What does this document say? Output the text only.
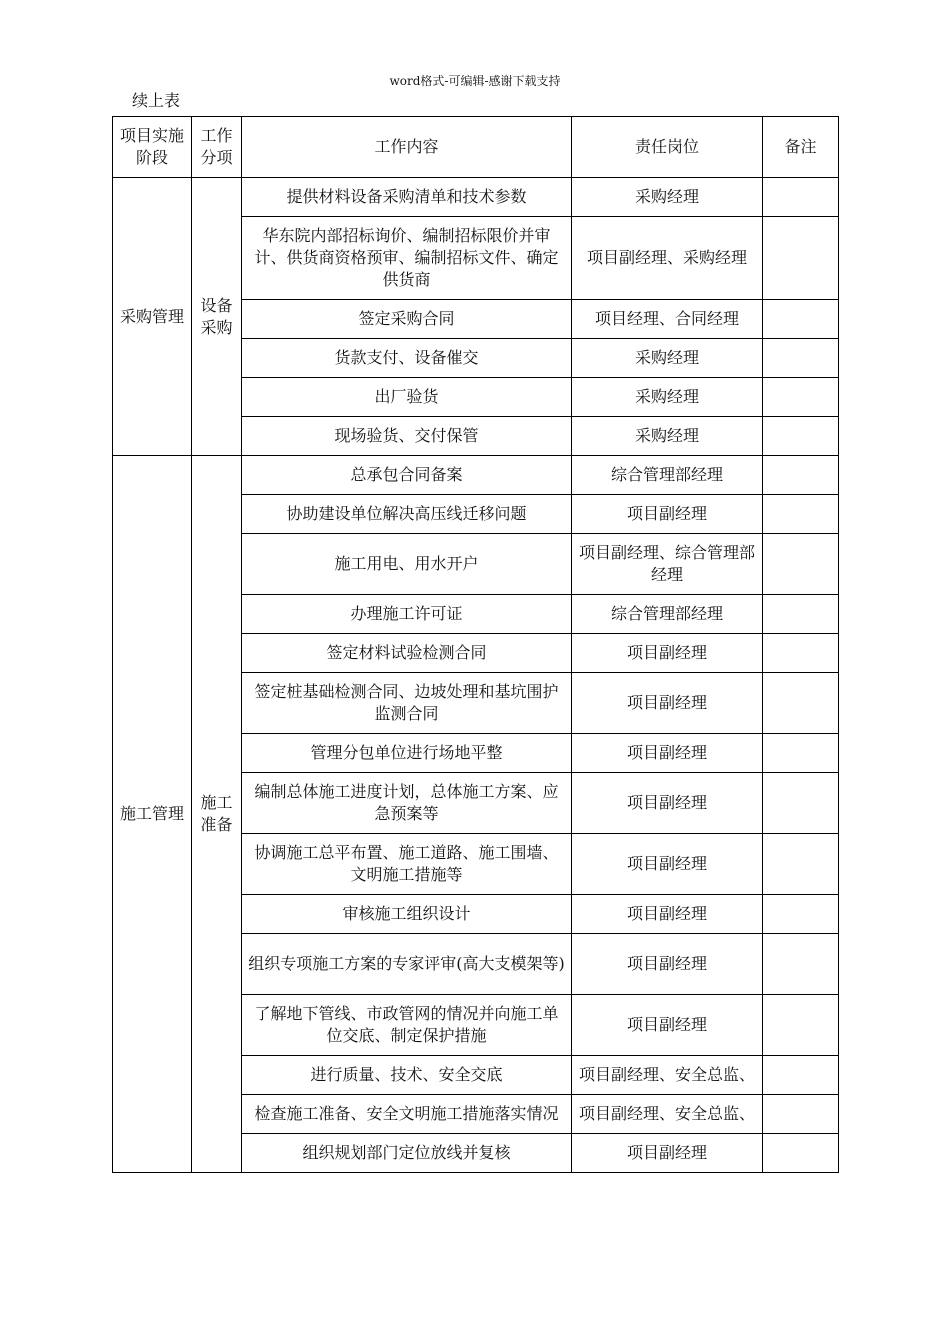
word格式-可编辑-感谢下载支持
续上表
项目实施阶段	工作分项	工作内容	责任岗位	备注
采购管理	设备采购	提供材料设备采购清单和技术参数	采购经理	
		华东院内部招标询价、编制招标限价并审计、供货商资格预审、编制招标文件、确定供货商	项目副经理、采购经理	
		签定采购合同	项目经理、合同经理	
		货款支付、设备催交	采购经理	
		出厂验货	采购经理	
		现场验货、交付保管	采购经理	
施工管理	施工准备	总承包合同备案	综合管理部经理	
		协助建设单位解决高压线迁移问题	项目副经理	
		施工用电、用水开户	项目副经理、综合管理部经理	
		办理施工许可证	综合管理部经理	
		签定材料试验检测合同	项目副经理	
		签定桩基础检测合同、边坡处理和基坑围护监测合同	项目副经理	
		管理分包单位进行场地平整	项目副经理	
		编制总体施工进度计划，总体施工方案、应急预案等	项目副经理	
		协调施工总平布置、施工道路、施工围墙、文明施工措施等	项目副经理	
		审核施工组织设计	项目副经理	
		组织专项施工方案的专家评审(高大支模架等)	项目副经理	
		了解地下管线、市政管网的情况并向施工单位交底、制定保护措施	项目副经理	
		进行质量、技术、安全交底	项目副经理、安全总监、	
		检查施工准备、安全文明施工措施落实情况	项目副经理、安全总监、	
		组织规划部门定位放线并复核	项目副经理	
